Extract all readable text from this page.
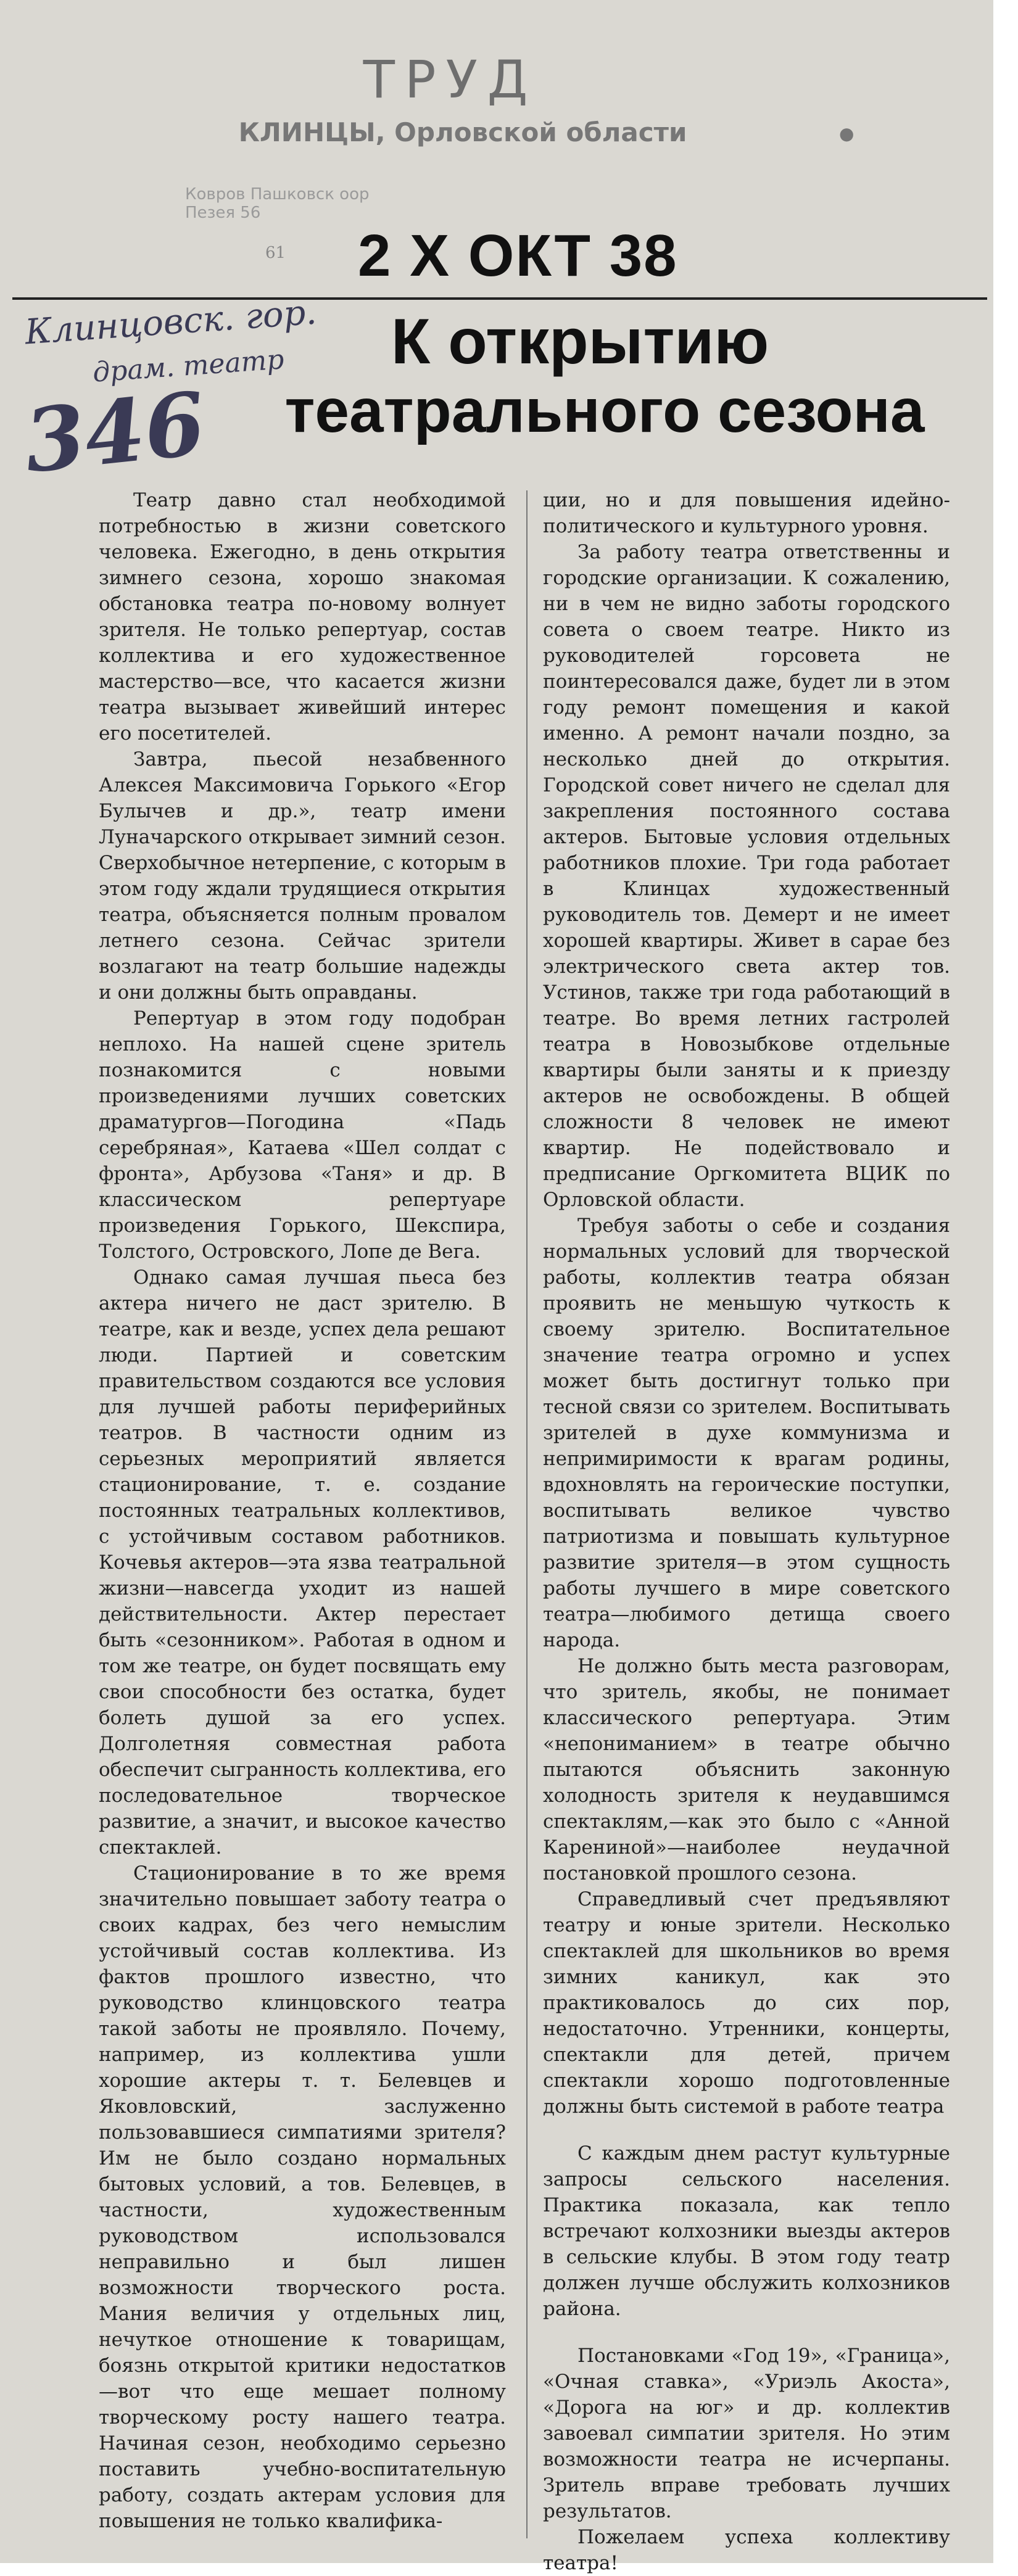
ТРУД
КЛИНЦЫ, Орловской области	●
Ковров Пашковск оорПезея 56
61 2 Х ОКТ 38
Клинцовск. гор.
драм. театр
346
К открытию
театрального сезона

Театр давно стал необходимой потребностью в жизни советского человека. Ежегодно, в день открытия зимнего сезона, хорошо знакомая обстановка театра по-новому волнует зрителя. Не только репертуар, состав коллектива и его художественное мастерство—все, что касается жизни театра вызывает живейший интерес его посетителей.

Завтра, пьесой незабвенного Алексея Максимовича Горького «Егор Булычев и др.», театр имени Луначарского открывает зимний сезон. Сверхобычное нетерпение, с которым в этом году ждали трудящиеся открытия театра, объясняется полным провалом летнего сезона. Сейчас зрители возлагают на театр большие надежды и они должны быть оправданы.

Репертуар в этом году подобран неплохо. На нашей сцене зритель познакомится с новыми произведениями лучших советских драматургов—Погодина «Падь серебряная», Катаева «Шел солдат с фронта», Арбузова «Таня» и др. В классическом репертуаре произведения Горького, Шекспира, Толстого, Островского, Лопе де Вега.

Однако самая лучшая пьеса без актера ничего не даст зрителю. В театре, как и везде, успех дела решают люди. Партией и советским правительством создаются все условия для лучшей работы периферийных театров. В частности одним из серьезных мероприятий является стационирование, т. е. создание постоянных театральных коллективов, с устойчивым составом работников. Кочевья актеров—эта язва театральной жизни—навсегда уходит из нашей действительности. Актер перестает быть «сезонником». Работая в одном и том же театре, он будет посвящать ему свои способности без остатка, будет болеть душой за его успех. Долголетняя совместная работа обеспечит сыгранность коллектива, его последовательное творческое развитие, а значит, и высокое качество спектаклей.

Стационирование в то же время значительно повышает заботу театра о своих кадрах, без чего немыслим устойчивый состав коллектива. Из фактов прошлого известно, что руководство клинцовского театра такой заботы не проявляло. Почему, например, из коллектива ушли хорошие актеры т. т. Белевцев и Яковловский, заслуженно пользовавшиеся симпатиями зрителя? Им не было создано нормальных бытовых условий, а тов. Белевцев, в частности, художественным руководством использовался неправильно и был лишен возможности творческого роста. Мания величия у отдельных лиц, нечуткое отношение к товарищам, боязнь открытой критики недостатков—вот что еще мешает полному творческому росту нашего театра. Начиная сезон, необходимо серьезно поставить учебно-воспитательную работу, создать актерам условия для повышения не только квалифика-

ции, но и для повышения идейно-политического и культурного уровня.

За работу театра ответственны и городские организации. К сожалению, ни в чем не видно заботы городского совета о своем театре. Никто из руководителей горсовета не поинтересовался даже, будет ли в этом году ремонт помещения и какой именно. А ремонт начали поздно, за несколько дней до открытия. Городской совет ничего не сделал для закрепления постоянного состава актеров. Бытовые условия отдельных работников плохие. Три года работает в Клинцах художественный руководитель тов. Демерт и не имеет хорошей квартиры. Живет в сарае без электрического света актер тов. Устинов, также три года работающий в театре. Во время летних гастролей театра в Новозыбкове отдельные квартиры были заняты и к приезду актеров не освобождены. В общей сложности 8 человек не имеют квартир. Не подействовало и предписание Оргкомитета ВЦИК по Орловской области.

Требуя заботы о себе и создания нормальных условий для творческой работы, коллектив театра обязан проявить не меньшую чуткость к своему зрителю. Воспитательное значение театра огромно и успех может быть достигнут только при тесной связи со зрителем. Воспитывать зрителей в духе коммунизма и непримиримости к врагам родины, вдохновлять на героические поступки, воспитывать великое чувство патриотизма и повышать культурное развитие зрителя—в этом сущность работы лучшего в мире советского театра—любимого детища своего народа.

Не должно быть места разговорам, что зритель, якобы, не понимает классического репертуара. Этим «непониманием» в театре обычно пытаются объяснить законную холодность зрителя к неудавшимся спектаклям,—как это было с «Анной Карениной»—наиболее неудачной постановкой прошлого сезона.

Справедливый счет предъявляют театру и юные зрители. Несколько спектаклей для школьников во время зимних каникул, как это практиковалось до сих пор, недостаточно. Утренники, концерты, спектакли для детей, причем спектакли хорошо подготовленные должны быть системой в работе театра

С каждым днем растут культурные запросы сельского населения. Практика показала, как тепло встречают колхозники выезды актеров в сельские клубы. В этом году театр должен лучше обслужить колхозников района.

Постановками «Год 19», «Граница», «Очная ставка», «Уриэль Акоста», «Дорога на юг» и др. коллектив завоевал симпатии зрителя. Но этим возможности театра не исчерпаны. Зритель вправе требовать лучших результатов.

Пожелаем успеха коллективу театра!
